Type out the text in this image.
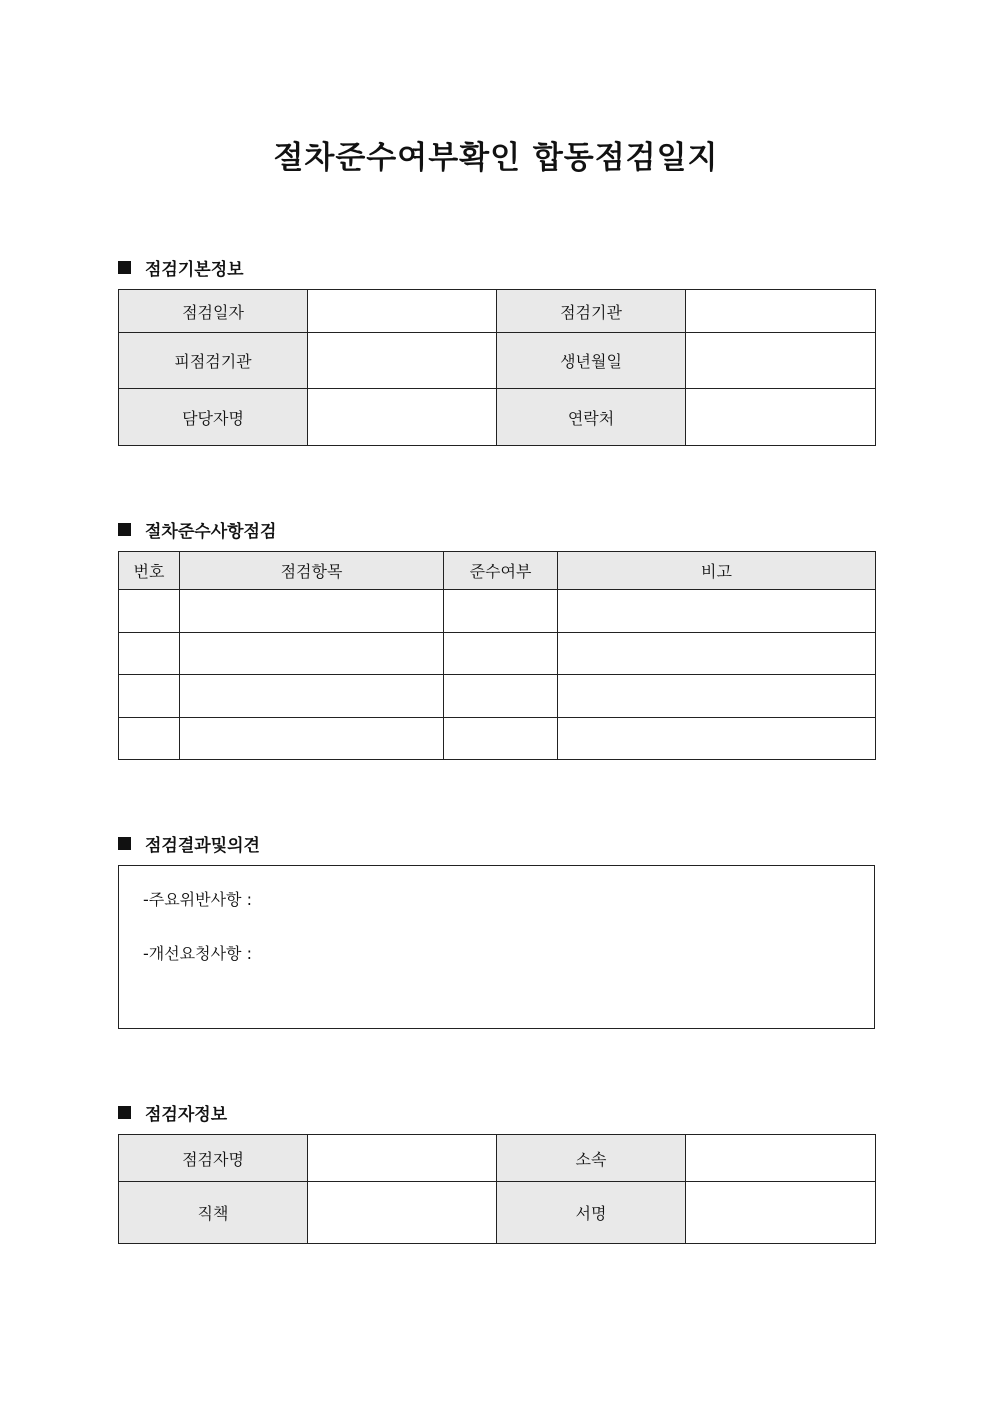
절차준수여부확인 합동점검일지
점검기본정보
점검일자		점검기관	
피점검기관		생년월일	
담당자명		연락처	
절차준수사항점검
번호	점검항목	준수여부	비고

점검결과및의견
-주요위반사항 :
-개선요청사항 :
점검자정보
점검자명		소속	
직책		서명	
